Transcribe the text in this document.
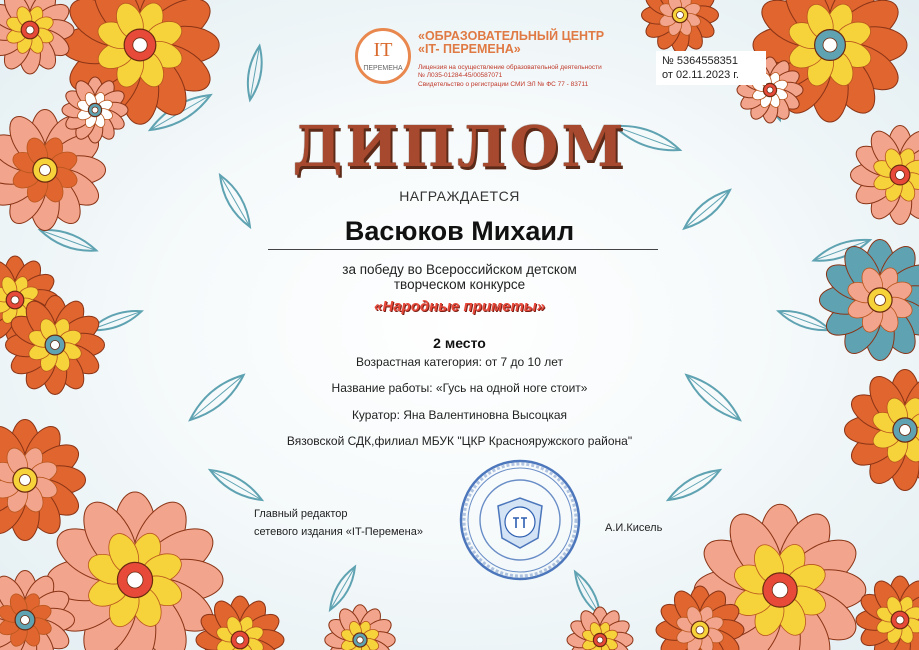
IT
ПЕРЕМЕНА
«ОБРАЗОВАТЕЛЬНЫЙ ЦЕНТР
«IT- ПЕРЕМЕНА»
Лицензия на осуществление образовательной деятельности
№ Л035-01284-45/00587071
Свидетельство о регистрации СМИ ЭЛ № ФС 77 - 83711
№ 5364558351
от 02.11.2023 г.
ДИПЛОМ
НАГРАЖДАЕТСЯ
Васюков Михаил
за победу во Всероссийском детском
творческом конкурсе
«Народные приметы»
2 место
Возрастная категория: от 7 до 10 лет
Название работы: «Гусь на одной ноге стоит»
Куратор: Яна Валентиновна Высоцкая
Вязовской СДК,филиал МБУК "ЦКР Краснояружского района"
Главный редактор
сетевого издания «IT-Перемена»	А.И.Кисель
